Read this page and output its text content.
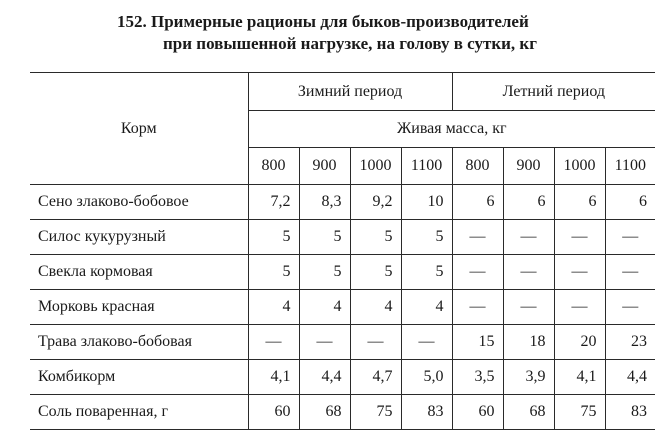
152. Примерные рационы для быков-производителей
при повышенной нагрузке, на голову в сутки, кг
Корм	Зимний период				Летний период			
	Живая масса, кг							
	800	900	1000	1100	800	900	1000	1100
Сено злаково-бобовое	7,2	8,3	9,2	10	6	6	6	6
Силос кукурузный	5	5	5	5	—	—	—	—
Свекла кормовая	5	5	5	5	—	—	—	—
Морковь красная	4	4	4	4	—	—	—	—
Трава злаково-бобовая	—	—	—	—	15	18	20	23
Комбикорм	4,1	4,4	4,7	5,0	3,5	3,9	4,1	4,4
Соль поваренная, г	60	68	75	83	60	68	75	83
